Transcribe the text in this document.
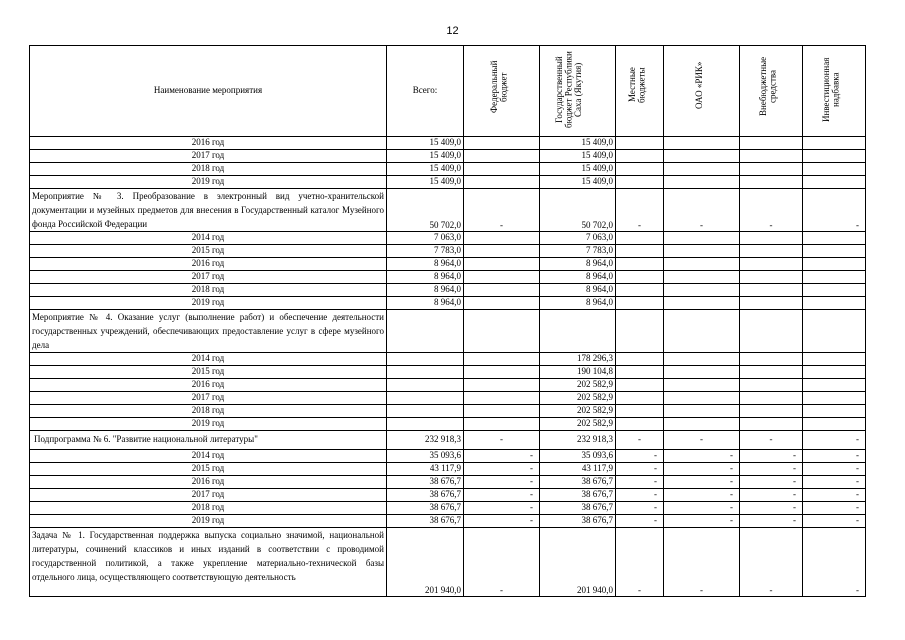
12
Наименование мероприятия	Всего:	Федеральный бюджет	Государственный бюджет Республики Саха (Якутия)	Местные бюджеты	ОАО «РИК»	Внебюджетные средства	Инвестиционная надбавка
2016 год	15 409,0		15 409,0				
2017 год	15 409,0		15 409,0				
2018 год	15 409,0		15 409,0				
2019 год	15 409,0		15 409,0				
Мероприятие № 3. Преобразование в электронный вид учетно-хранительской документации и музейных предметов для внесения в Государственный каталог Музейного фонда Российской Федерации	50 702,0	-	50 702,0	-	-	-	-
2014 год	7 063,0		7 063,0				
2015 год	7 783,0		7 783,0				
2016 год	8 964,0		8 964,0				
2017 год	8 964,0		8 964,0				
2018 год	8 964,0		8 964,0				
2019 год	8 964,0		8 964,0				
Мероприятие № 4. Оказание услуг (выполнение работ) и обеспечение деятельности государственных учреждений, обеспечивающих предоставление услуг в сфере музейного дела							
2014 год			178 296,3				
2015 год			190 104,8				
2016 год			202 582,9				
2017 год			202 582,9				
2018 год			202 582,9				
2019 год			202 582,9				
Подпрограмма № 6. "Развитие национальной литературы"	232 918,3	-	232 918,3	-	-	-	-
2014 год	35 093,6	-	35 093,6	-	-	-	-
2015 год	43 117,9	-	43 117,9	-	-	-	-
2016 год	38 676,7	-	38 676,7	-	-	-	-
2017 год	38 676,7	-	38 676,7	-	-	-	-
2018 год	38 676,7	-	38 676,7	-	-	-	-
2019 год	38 676,7	-	38 676,7	-	-	-	-
Задача № 1. Государственная поддержка выпуска социально значимой, национальной литературы, сочинений классиков и иных изданий в соответствии с проводимой государственной политикой, а также укрепление материально-технической базы отдельного лица, осуществляющего соответствующую деятельность	201 940,0	-	201 940,0	-	-	-	-
